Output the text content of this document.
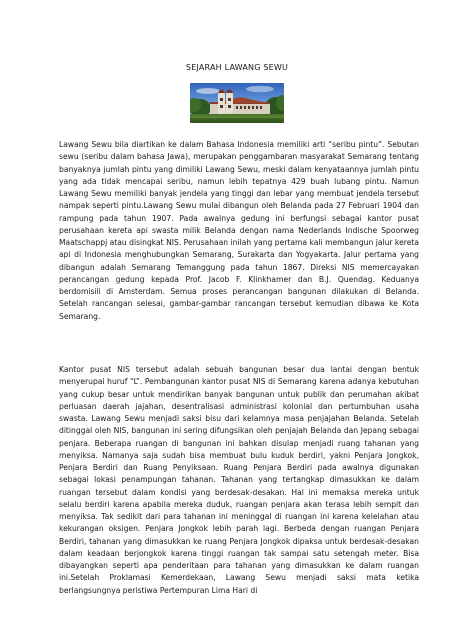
SEJARAH LAWANG SEWU

Lawang Sewu bila diartikan ke dalam Bahasa Indonesia memiliki arti “seribu pintu”. Sebutan sewu (seribu dalam bahasa Jawa), merupakan penggambaran masyarakat Semarang tentang banyaknya jumlah pintu yang dimiliki Lawang Sewu, meski dalam kenyataannya jumlah pintu yang ada tidak mencapai seribu, namun lebih tepatnya 429 buah lubang pintu. Namun Lawang Sewu memiliki banyak jendela yang tinggi dan lebar yang membuat jendela tersebut nampak seperti pintu.Lawang Sewu mulai dibangun oleh Belanda pada 27 Februari 1904 dan rampung pada tahun 1907. Pada awalnya gedung ini berfungsi sebagai kantor pusat perusahaan kereta api swasta milik Belanda dengan nama Nederlands Indische Spoorweg Maatschappj atau disingkat NIS. Perusahaan inilah yang pertama kali membangun jalur kereta api di Indonesia menghubungkan Semarang, Surakarta dan Yogyakarta. Jalur pertama yang dibangun adalah Semarang Temanggung pada tahun 1867. Direksi NIS memercayakan perancangan gedung kepada Prof. Jacob F. Klinkhamer dan B.J. Quendag. Keduanya berdomisili di Amsterdam. Semua proses perancangan bangunan dilakukan di Belanda. Setelah rancangan selesai, gambar-gambar rancangan tersebut kemudian dibawa ke Kota Semarang.

Kantor pusat NIS tersebut adalah sebuah bangunan besar dua lantai dengan bentuk menyerupai huruf “L”. Pembangunan kantor pusat NIS di Semarang karena adanya kebutuhan yang cukup besar untuk mendirikan banyak bangunan untuk publik dan perumahan akibat perluasan daerah jajahan, desentralisasi administrasi kolonial dan pertumbuhan usaha swasta. Lawang Sewu menjadi saksi bisu dari kelamnya masa penjajahan Belanda. Setelah ditinggal oleh NIS, bangunan ini sering difungsikan oleh penjajah Belanda dan Jepang sebagai penjara. Beberapa ruangan di bangunan ini bahkan disulap menjadi ruang tahanan yang menyiksa. Namanya saja sudah bisa membuat bulu kuduk berdiri, yakni Penjara Jongkok, Penjara Berdiri dan Ruang Penyiksaan. Ruang Penjara Berdiri pada awalnya digunakan sebagai lokasi penampungan tahanan. Tahanan yang tertangkap dimasukkan ke dalam ruangan tersebut dalam kondisi yang berdesak-desakan. Hal ini memaksa mereka untuk selalu berdiri karena apabila mereka duduk, ruangan penjara akan terasa lebih sempit dan menyiksa. Tak sedikit dari para tahanan ini meninggal di ruangan ini karena kelelahan atau kekurangan oksigen. Penjara Jongkok lebih parah lagi. Berbeda dengan ruangan Penjara Berdiri, tahanan yang dimasukkan ke ruang Penjara Jongkok dipaksa untuk berdesak-desakan dalam keadaan berjongkok karena tinggi ruangan tak sampai satu setengah meter. Bisa dibayangkan seperti apa penderitaan para tahanan yang dimasukkan ke dalam ruangan ini.Setelah Proklamasi Kemerdekaan, Lawang Sewu menjadi saksi mata ketika berlangsungnya peristiwa Pertempuran Lima Hari di
